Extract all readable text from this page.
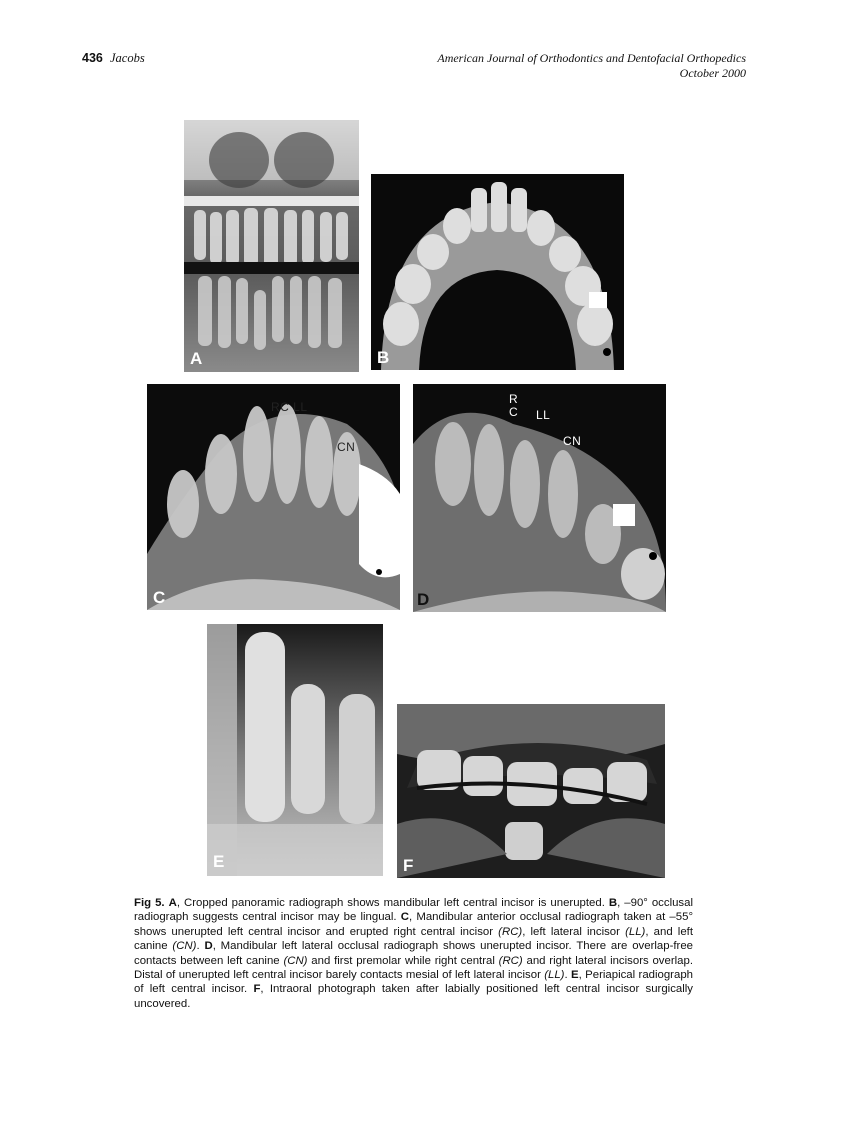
436 Jacobs	American Journal of Orthodontics and Dentofacial Orthopedics
October 2000
A	B
RC LL
CN
C
R
C LL
CN
D
E	F
Fig 5. A, Cropped panoramic radiograph shows mandibular left central incisor is unerupted. B, –90° occlusal radiograph suggests central incisor may be lingual. C, Mandibular anterior occlusal radiograph taken at –55° shows unerupted left central incisor and erupted right central incisor (RC), left lateral incisor (LL), and left canine (CN). D, Mandibular left lateral occlusal radiograph shows unerupted incisor. There are overlap-free contacts between left canine (CN) and first premolar while right central (RC) and right lateral incisors overlap. Distal of unerupted left central incisor barely contacts mesial of left lateral incisor (LL). E, Periapical radiograph of left central incisor. F, Intraoral photograph taken after labially positioned left central incisor surgically uncovered.
